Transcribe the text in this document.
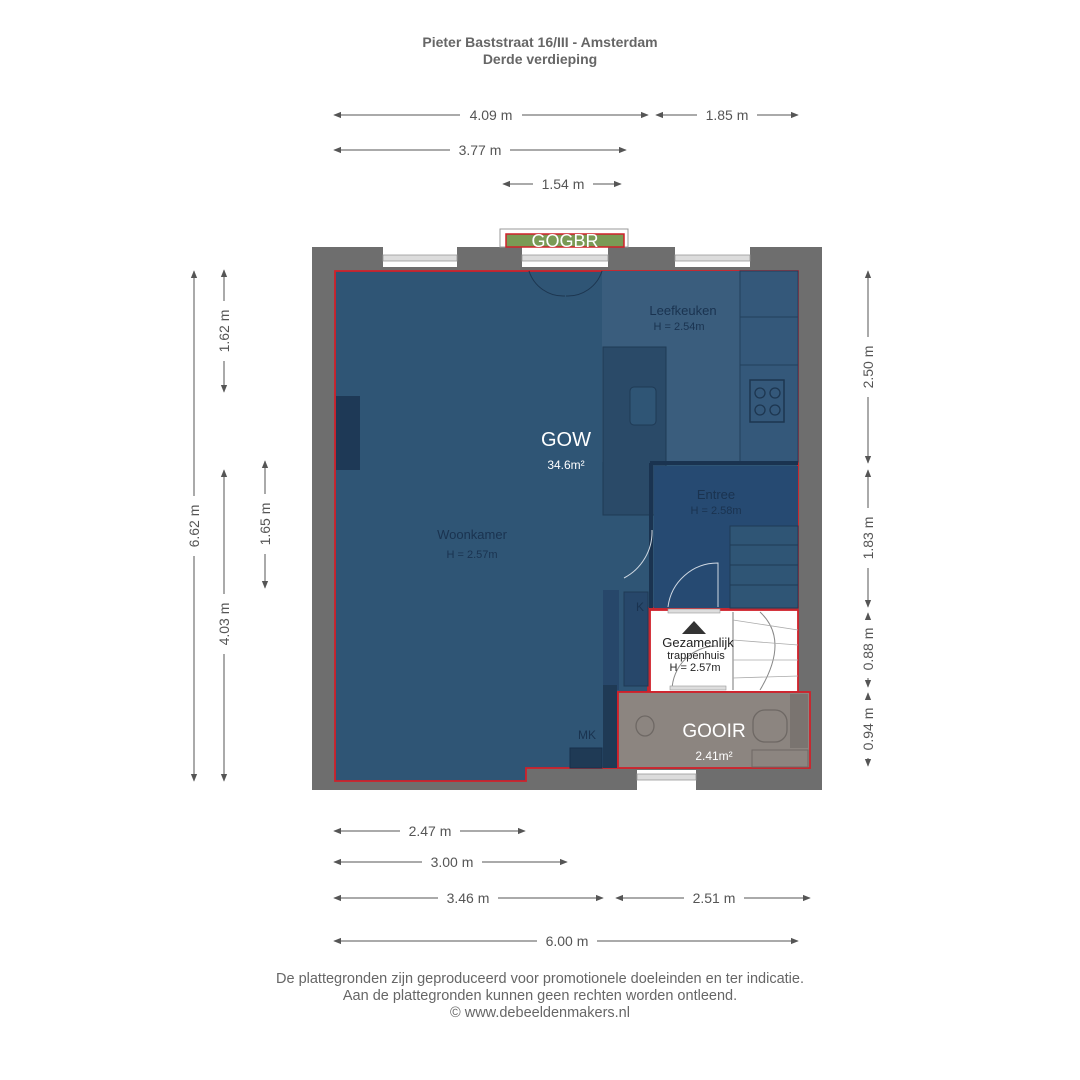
Pieter Baststraat 16/III - Amsterdam
Derde verdieping
GOGBR
GOW
34.6m²
Woonkamer
H = 2.57m
Leefkeuken
H = 2.54m
Entree
H = 2.58m
Gezamenlijk
trappenhuis
H = 2.57m
GOOIR
2.41m²
MK
K
4.09 m	1.85 m
3.77 m
1.54 m
2.47 m
3.00 m
3.46 m	2.51 m
6.00 m
6.62 m
1.62 m
4.03 m
1.65 m
2.50 m
1.83 m
0.88 m
0.94 m
De plattegronden zijn geproduceerd voor promotionele doeleinden en ter indicatie.
Aan de plattegronden kunnen geen rechten worden ontleend.
© www.debeeldenmakers.nl
